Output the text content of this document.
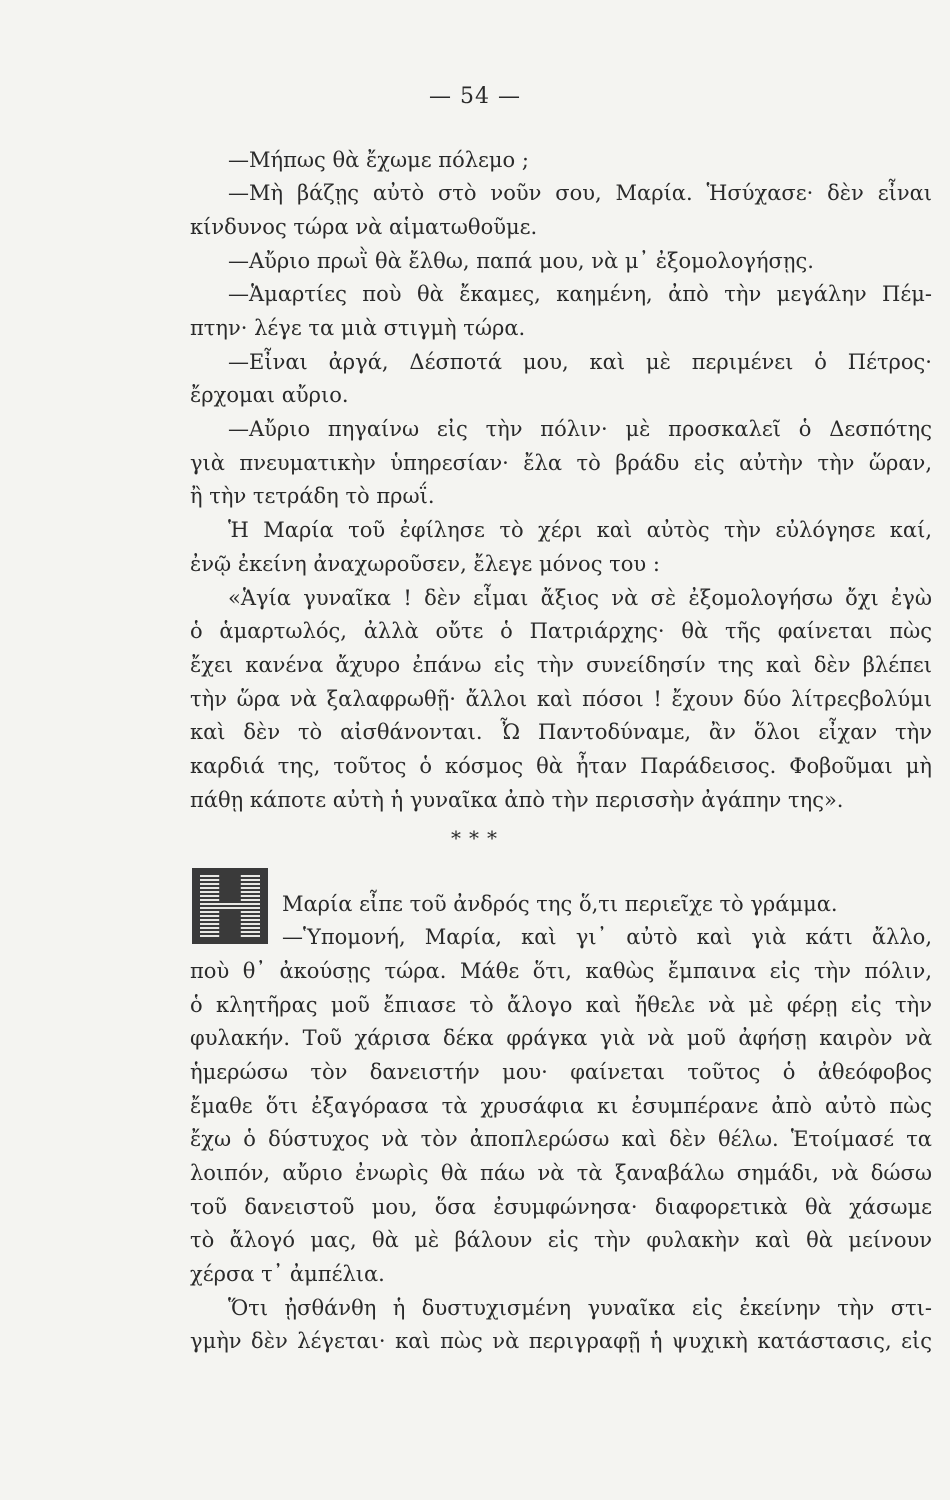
— 54 —
—Μήπως θὰ ἔχωμε πόλεμο ;
—Μὴ βάζῃς αὐτὸ στὸ νοῦν σου, Μαρία. Ἡσύχασε· δὲν εἶναι
κίνδυνος τώρα νὰ αἱματωθοῦμε.
—Αὔριο πρωῒ θὰ ἔλθω, παπά μου, νὰ μ᾽ ἐξομολογήσῃς.
—Ἁμαρτίες ποὺ θὰ ἔκαμες, καημένη, ἀπὸ τὴν μεγάλην Πέμ-
πτην· λέγε τα μιὰ στιγμὴ τώρα.
—Εἶναι ἀργά, Δέσποτά μου, καὶ μὲ περιμένει ὁ Πέτρος·
ἔρχομαι αὔριο.
—Αὔριο πηγαίνω εἰς τὴν πόλιν· μὲ προσκαλεῖ ὁ Δεσπότης
γιὰ πνευματικὴν ὑπηρεσίαν· ἔλα τὸ βράδυ εἰς αὐτὴν τὴν ὥραν,
ἢ τὴν τετράδη τὸ πρωΐ.
Ἡ Μαρία τοῦ ἐφίλησε τὸ χέρι καὶ αὐτὸς τὴν εὐλόγησε καί,
ἐνῷ ἐκείνη ἀναχωροῦσεν, ἔλεγε μόνος του :
«Ἁγία γυναῖκα ! δὲν εἶμαι ἄξιος νὰ σὲ ἐξομολογήσω ὄχι ἐγὼ
ὁ ἁμαρτωλός, ἀλλὰ οὔτε ὁ Πατριάρχης· θὰ τῆς φαίνεται πὼς
ἔχει κανένα ἄχυρο ἐπάνω εἰς τὴν συνείδησίν της καὶ δὲν βλέπει
τὴν ὥρα νὰ ξαλαφρωθῇ· ἄλλοι καὶ πόσοι ! ἔχουν δύο λίτρεςβολύμι
καὶ δὲν τὸ αἰσθάνονται. Ὦ Παντοδύναμε, ἂν ὅλοι εἶχαν τὴν
καρδιά της, τοῦτος ὁ κόσμος θὰ ἦταν Παράδεισος. Φοβοῦμαι μὴ
πάθῃ κάποτε αὐτὴ ἡ γυναῖκα ἀπὸ τὴν περισσὴν ἀγάπην της».
* * *
Μαρία εἶπε τοῦ ἀνδρός της ὅ,τι περιεῖχε τὸ γράμμα.
—Ὑπομονή, Μαρία, καὶ γι᾽ αὐτὸ καὶ γιὰ κάτι ἄλλο,
ποὺ θ᾽ ἀκούσῃς τώρα. Μάθε ὅτι, καθὼς ἔμπαινα εἰς τὴν πόλιν,
ὁ κλητῆρας μοῦ ἔπιασε τὸ ἄλογο καὶ ἤθελε νὰ μὲ φέρῃ εἰς τὴν
φυλακήν. Τοῦ χάρισα δέκα φράγκα γιὰ νὰ μοῦ ἀφήσῃ καιρὸν νὰ
ἡμερώσω τὸν δανειστήν μου· φαίνεται τοῦτος ὁ ἀθεόφοβος
ἔμαθε ὅτι ἐξαγόρασα τὰ χρυσάφια κι ἐσυμπέρανε ἀπὸ αὐτὸ πὼς
ἔχω ὁ δύστυχος νὰ τὸν ἀποπλερώσω καὶ δὲν θέλω. Ἑτοίμασέ τα
λοιπόν, αὔριο ἐνωρὶς θὰ πάω νὰ τὰ ξαναβάλω σημάδι, νὰ δώσω
τοῦ δανειστοῦ μου, ὅσα ἐσυμφώνησα· διαφορετικὰ θὰ χάσωμε
τὸ ἄλογό μας, θὰ μὲ βάλουν εἰς τὴν φυλακὴν καὶ θὰ μείνουν
χέρσα τ᾽ ἀμπέλια.
Ὅτι ᾐσθάνθη ἡ δυστυχισμένη γυναῖκα εἰς ἐκείνην τὴν στι-
γμὴν δὲν λέγεται· καὶ πὼς νὰ περιγραφῇ ἡ ψυχικὴ κατάστασις, εἰς
